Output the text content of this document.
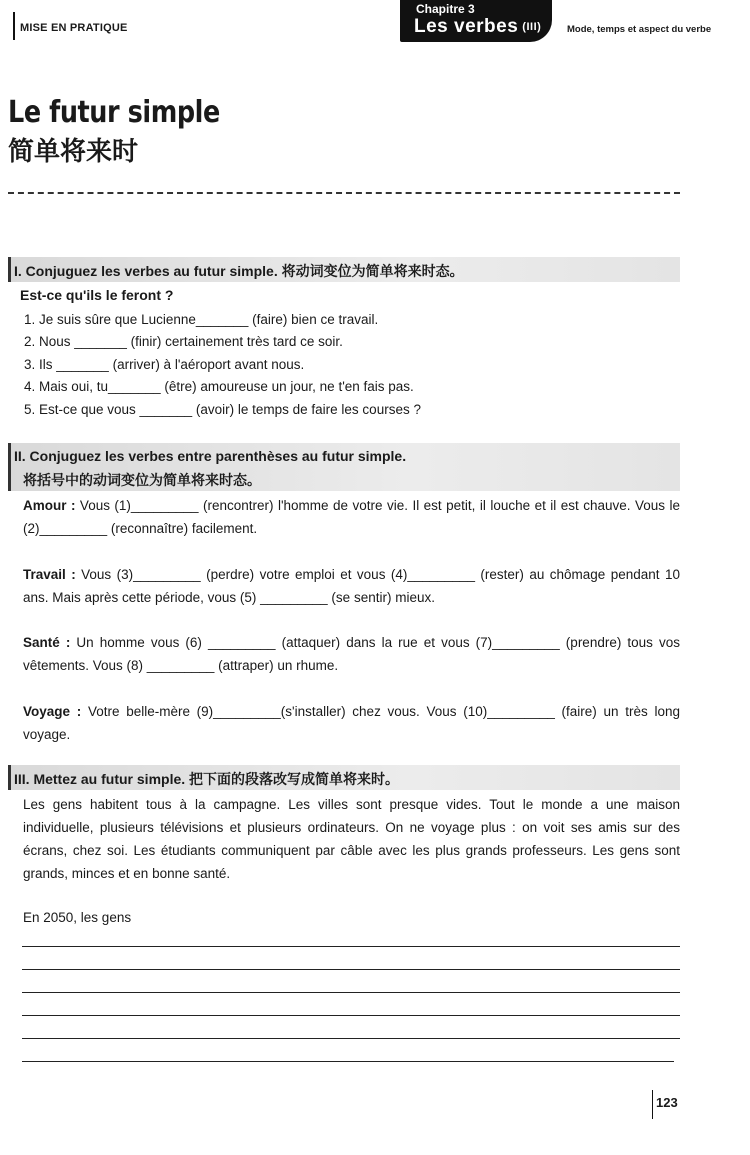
MISE EN PRATIQUE
Chapitre 3
Les verbes (III)	Mode, temps et aspect du verbe
Le futur simple
简单将来时
I. Conjuguez les verbes au futur simple. 将动词变位为简单将来时态。
Est-ce qu'ils le feront ?
1. Je suis sûre que Lucienne_______ (faire) bien ce travail.
2. Nous _______ (finir) certainement très tard ce soir.
3. Ils _______ (arriver) à l'aéroport avant nous.
4. Mais oui, tu_______ (être) amoureuse un jour, ne t'en fais pas.
5. Est-ce que vous _______ (avoir) le temps de faire les courses ?
II. Conjuguez les verbes entre parenthèses au futur simple.
将括号中的动词变位为简单将来时态。
Amour : Vous (1)_________ (rencontrer) l'homme de votre vie. Il est petit, il louche et il est chauve. Vous le (2)_________ (reconnaître) facilement.
Travail : Vous (3)_________ (perdre) votre emploi et vous (4)_________ (rester) au chômage pendant 10 ans. Mais après cette période, vous (5) _________ (se sentir) mieux.
Santé : Un homme vous (6) _________ (attaquer) dans la rue et vous (7)_________ (prendre) tous vos vêtements. Vous (8) _________ (attraper) un rhume.
Voyage : Votre belle-mère (9)_________(s'installer) chez vous. Vous (10)_________ (faire) un très long voyage.
III. Mettez au futur simple. 把下面的段落改写成简单将来时。
Les gens habitent tous à la campagne. Les villes sont presque vides. Tout le monde a une maison individuelle, plusieurs télévisions et plusieurs ordinateurs. On ne voyage plus : on voit ses amis sur des écrans, chez soi. Les étudiants communiquent par câble avec les plus grands professeurs. Les gens sont grands, minces et en bonne santé.
En 2050, les gens
123
